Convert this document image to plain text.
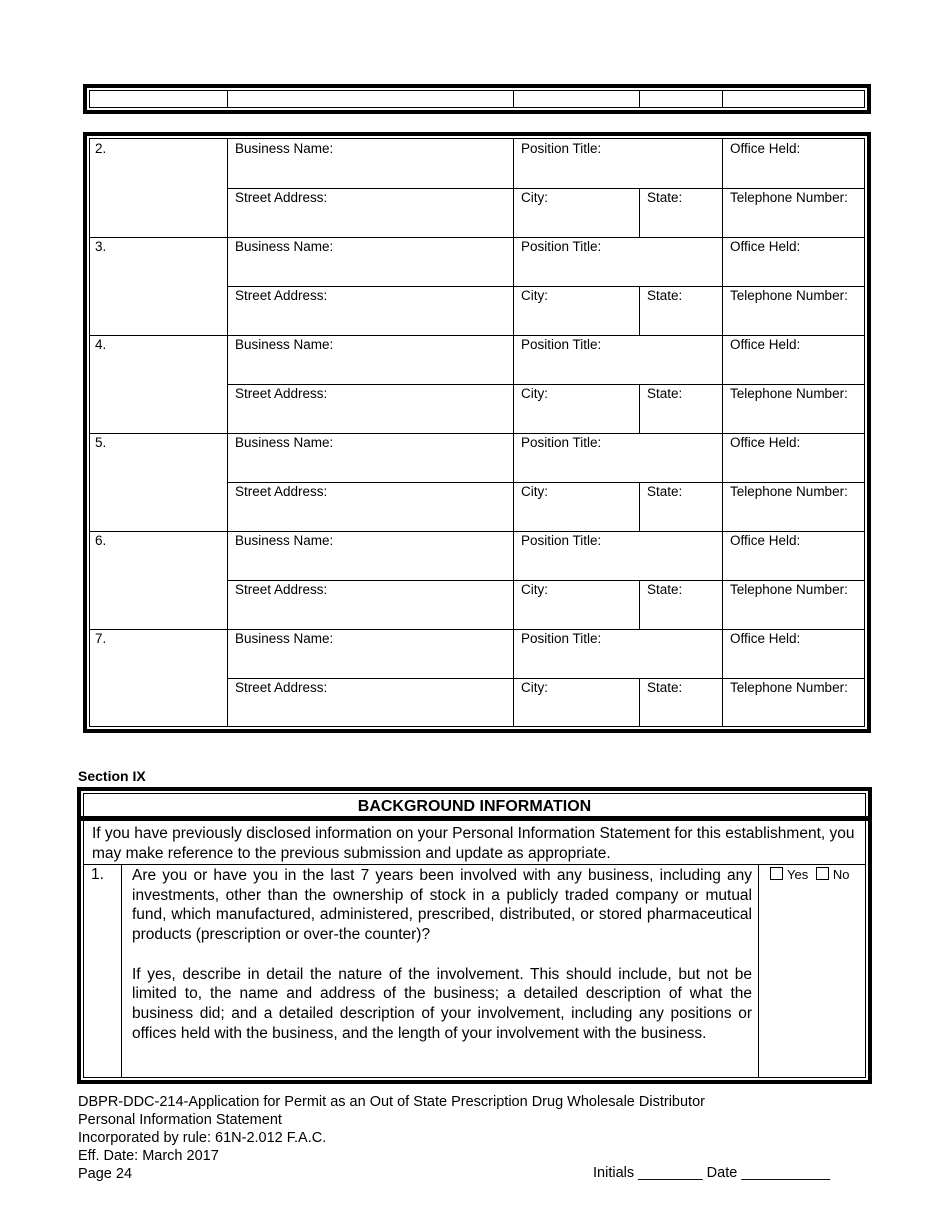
2.	Business Name:	Position Title:	Office Held:
Street Address:	City:	State:	Telephone Number:
3.	Business Name:	Position Title:	Office Held:
Street Address:	City:	State:	Telephone Number:
4.	Business Name:	Position Title:	Office Held:
Street Address:	City:	State:	Telephone Number:
5.	Business Name:	Position Title:	Office Held:
Street Address:	City:	State:	Telephone Number:
6.	Business Name:	Position Title:	Office Held:
Street Address:	City:	State:	Telephone Number:
7.	Business Name:	Position Title:	Office Held:
Street Address:	City:	State:	Telephone Number:
Section IX
BACKGROUND INFORMATION
If you have previously disclosed information on your Personal Information Statement for this establishment, you may make reference to the previous submission and update as appropriate.
1. Are you or have you in the last 7 years been involved with any business, including any investments, other than the ownership of stock in a publicly traded company or mutual fund, which manufactured, administered, prescribed, distributed, or stored pharmaceutical products (prescription or over-the counter)?

If yes, describe in detail the nature of the involvement. This should include, but not be limited to, the name and address of the business; a detailed description of what the business did; and a detailed description of your involvement, including any positions or offices held with the business, and the length of your involvement with the business.

Yes No
DBPR-DDC-214-Application for Permit as an Out of State Prescription Drug Wholesale Distributor
Personal Information Statement
Incorporated by rule: 61N-2.012 F.A.C.
Eff. Date: March 2017
Page 24	Initials ________ Date ___________
